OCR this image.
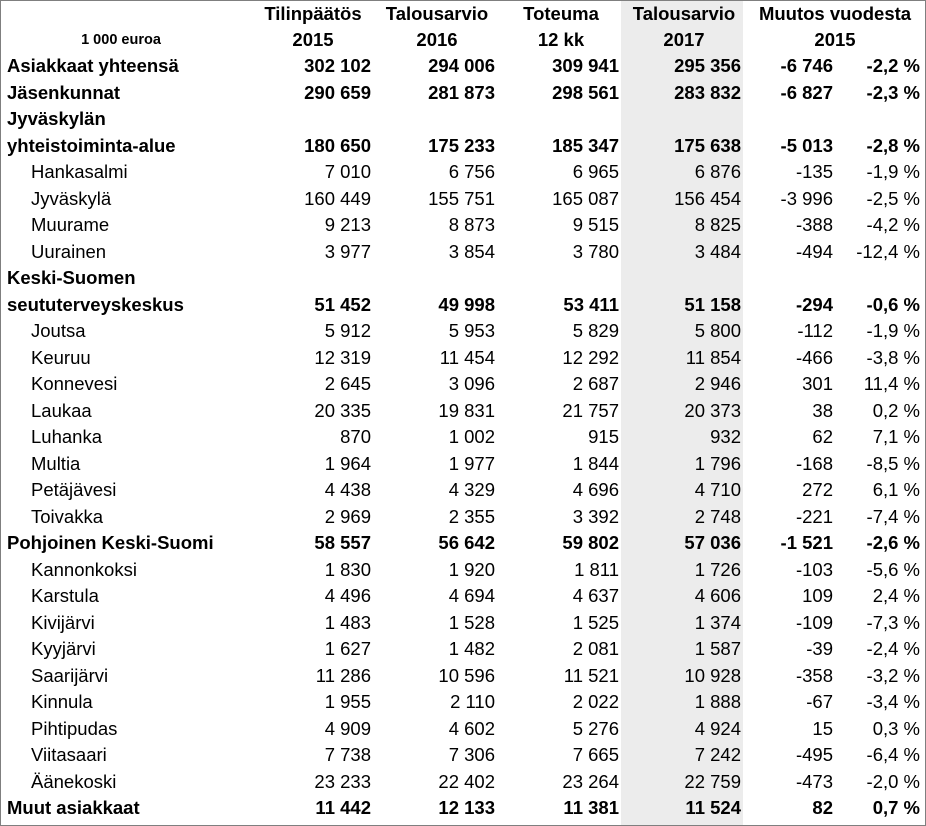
	Tilinpäätös	Talousarvio	Toteuma	Talousarvio	Muutos vuodesta	
1 000 euroa	2015	2016	12 kk	2017	2015	
Asiakkaat yhteensä	302 102	294 006	309 941	295 356	-6 746	-2,2 %
Jäsenkunnat	290 659	281 873	298 561	283 832	-6 827	-2,3 %
Jyväskylän						
yhteistoiminta-alue	180 650	175 233	185 347	175 638	-5 013	-2,8 %
Hankasalmi	7 010	6 756	6 965	6 876	-135	-1,9 %
Jyväskylä	160 449	155 751	165 087	156 454	-3 996	-2,5 %
Muurame	9 213	8 873	9 515	8 825	-388	-4,2 %
Uurainen	3 977	3 854	3 780	3 484	-494	-12,4 %
Keski-Suomen						
seututerveyskeskus	51 452	49 998	53 411	51 158	-294	-0,6 %
Joutsa	5 912	5 953	5 829	5 800	-112	-1,9 %
Keuruu	12 319	11 454	12 292	11 854	-466	-3,8 %
Konnevesi	2 645	3 096	2 687	2 946	301	11,4 %
Laukaa	20 335	19 831	21 757	20 373	38	0,2 %
Luhanka	870	1 002	915	932	62	7,1 %
Multia	1 964	1 977	1 844	1 796	-168	-8,5 %
Petäjävesi	4 438	4 329	4 696	4 710	272	6,1 %
Toivakka	2 969	2 355	3 392	2 748	-221	-7,4 %
Pohjoinen Keski-Suomi	58 557	56 642	59 802	57 036	-1 521	-2,6 %
Kannonkoksi	1 830	1 920	1 811	1 726	-103	-5,6 %
Karstula	4 496	4 694	4 637	4 606	109	2,4 %
Kivijärvi	1 483	1 528	1 525	1 374	-109	-7,3 %
Kyyjärvi	1 627	1 482	2 081	1 587	-39	-2,4 %
Saarijärvi	11 286	10 596	11 521	10 928	-358	-3,2 %
Kinnula	1 955	2 110	2 022	1 888	-67	-3,4 %
Pihtipudas	4 909	4 602	5 276	4 924	15	0,3 %
Viitasaari	7 738	7 306	7 665	7 242	-495	-6,4 %
Äänekoski	23 233	22 402	23 264	22 759	-473	-2,0 %
Muut asiakkaat	11 442	12 133	11 381	11 524	82	0,7 %
